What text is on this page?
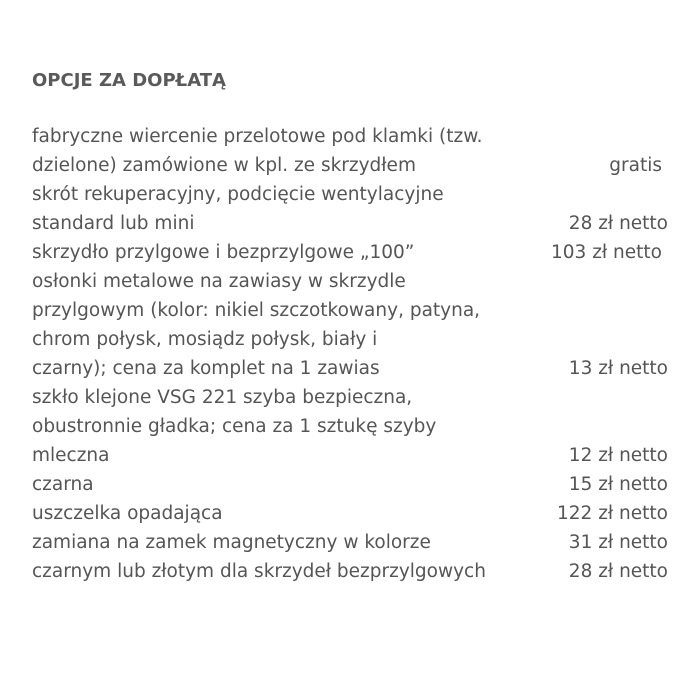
OPCJE ZA DOPŁATĄ
fabryczne wiercenie przelotowe pod klamki (tzw.
dzielone) zamówione w kpl. ze skrzydłem	gratis
skrót rekuperacyjny, podcięcie wentylacyjne
standard lub mini	28 zł netto
skrzydło przylgowe i bezprzylgowe „100”	103 zł netto
osłonki metalowe na zawiasy w skrzydle
przylgowym (kolor: nikiel szczotkowany, patyna,
chrom połysk, mosiądz połysk, biały i
czarny); cena za komplet na 1 zawias	13 zł netto
szkło klejone VSG 221 szyba bezpieczna,
obustronnie gładka; cena za 1 sztukę szyby
mleczna	12 zł netto
czarna	15 zł netto
uszczelka opadająca	122 zł netto
zamiana na zamek magnetyczny w kolorze	31 zł netto
czarnym lub złotym dla skrzydeł bezprzylgowych	28 zł netto
